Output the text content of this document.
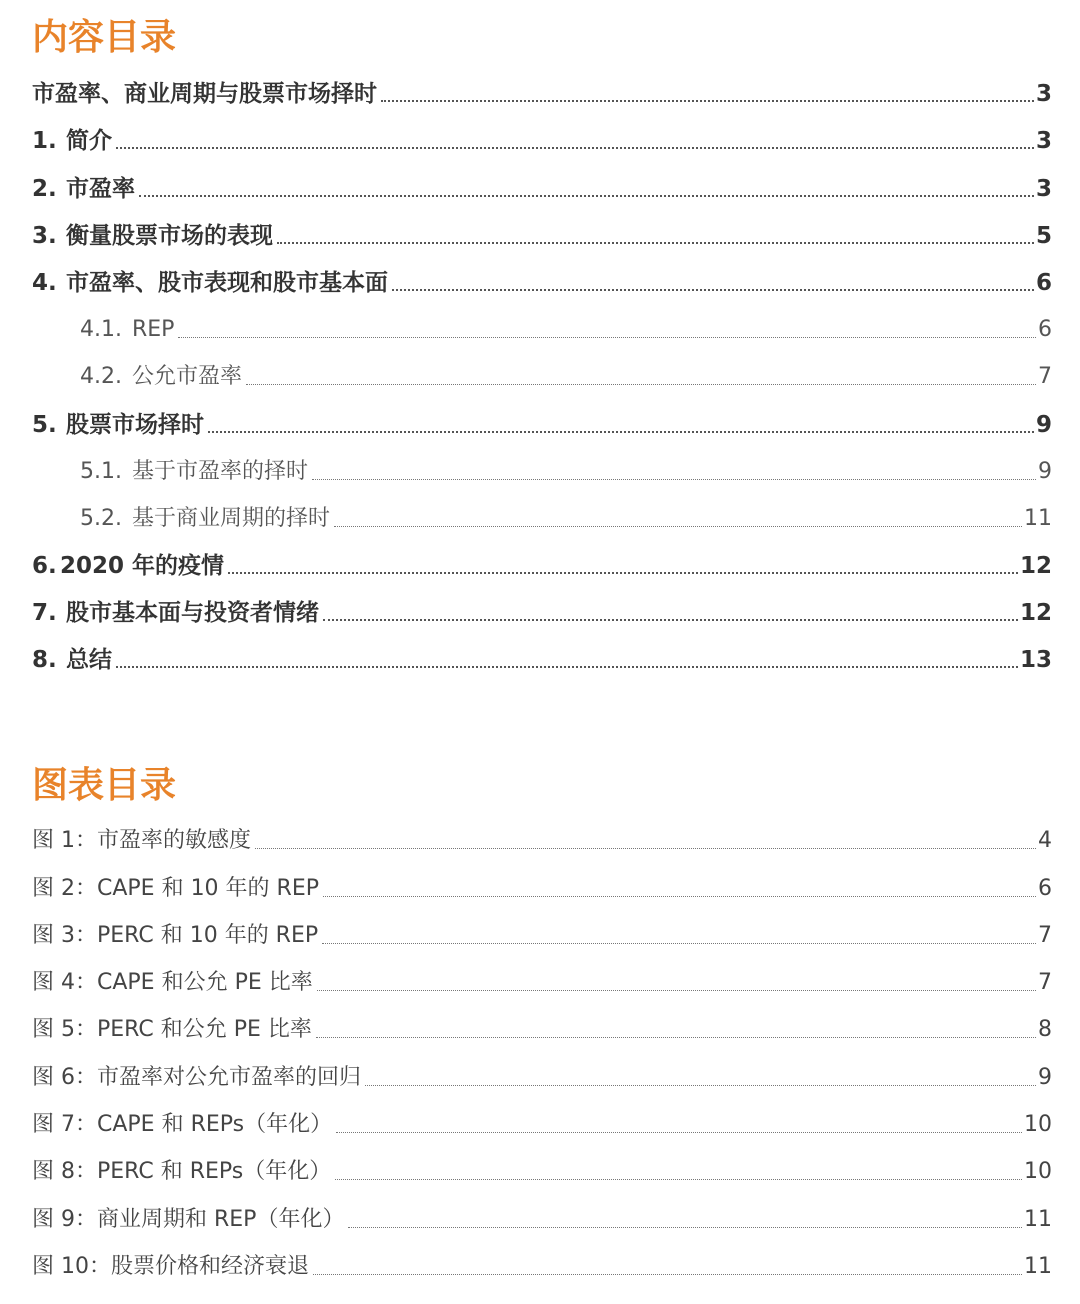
内容目录
市盈率、商业周期与股票市场择时	3
1. 简介	3
2. 市盈率	3
3. 衡量股票市场的表现	5
4. 市盈率、股市表现和股市基本面	6
4.1. REP	6
4.2. 公允市盈率	7
5. 股票市场择时	9
5.1. 基于市盈率的择时	9
5.2. 基于商业周期的择时	11
6. 2020 年的疫情	12
7. 股市基本面与投资者情绪	12
8. 总结	13
图表目录
图 1：市盈率的敏感度	4
图 2：CAPE 和 10 年的 REP	6
图 3：PERC 和 10 年的 REP	7
图 4：CAPE 和公允 PE 比率	7
图 5：PERC 和公允 PE 比率	8
图 6：市盈率对公允市盈率的回归	9
图 7：CAPE 和 REPs（年化）	10
图 8：PERC 和 REPs（年化）	10
图 9：商业周期和 REP（年化）	11
图 10：股票价格和经济衰退	11
